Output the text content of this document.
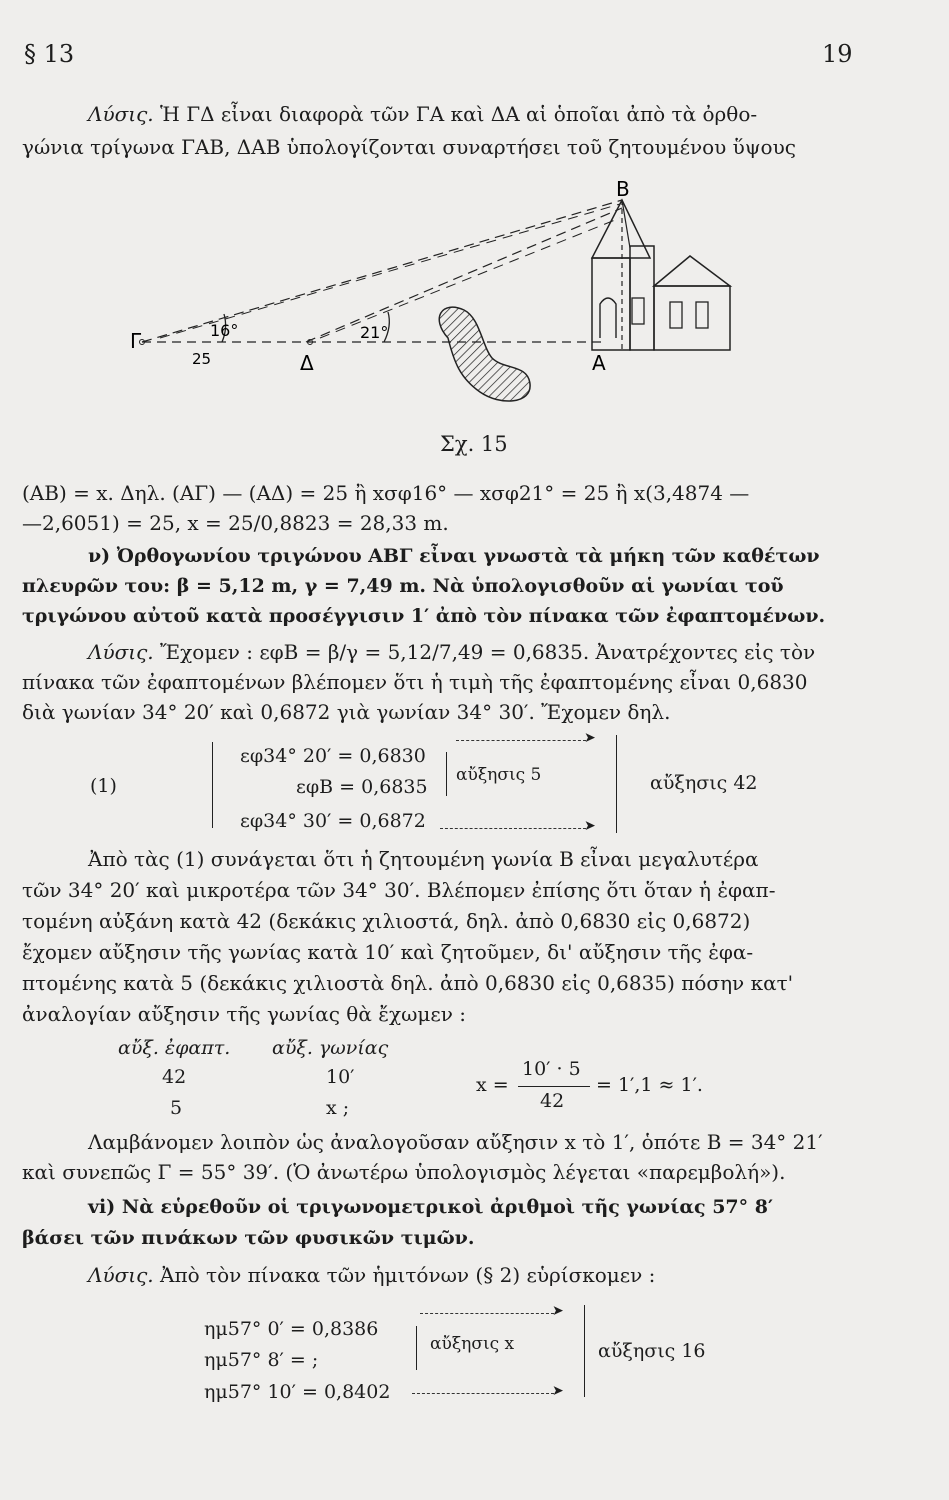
§ 13	19
Λύσις. Ἡ ΓΔ εἶναι διαφορὰ τῶν ΓΑ καὶ ΔΑ αἱ ὁποῖαι ἀπὸ τὰ ὀρθο-
γώνια τρίγωνα ΓΑΒ, ΔΑΒ ὑπολογίζονται συναρτήσει τοῦ ζητουμένου ὕψους
Γ
25
16°	21°
Δ	Α
Β
Σχ. 15
(ΑΒ) = x. Δηλ. (ΑΓ) — (ΑΔ) = 25 ἢ xσφ16° — xσφ21° = 25 ἢ x(3,4874 —
—2,6051) = 25, x = 25/0,8823 = 28,33 m.
ν) Ὀρθογωνίου τριγώνου ΑΒΓ εἶναι γνωστὰ τὰ μήκη τῶν καθέτων
πλευρῶν του: β = 5,12 m, γ = 7,49 m. Νὰ ὑπολογισθοῦν αἱ γωνίαι τοῦ
τριγώνου αὐτοῦ κατὰ προσέγγισιν 1′ ἀπὸ τὸν πίνακα τῶν ἐφαπτομένων.
Λύσις. Ἔχομεν : εφΒ = β/γ = 5,12/7,49 = 0,6835. Ἀνατρέχοντες εἰς τὸν
πίνακα τῶν ἐφαπτομένων βλέπομεν ὅτι ἡ τιμὴ τῆς ἐφαπτομένης εἶναι 0,6830
διὰ γωνίαν 34° 20′ καὶ 0,6872 γιὰ γωνίαν 34° 30′. Ἔχομεν δηλ.
(1)
εφ34° 20′ = 0,6830
εφΒ = 0,6835
εφ34° 30′ = 0,6872
αὔξησις 5
➤
➤
αὔξησις 42
Ἀπὸ τὰς (1) συνάγεται ὅτι ἡ ζητουμένη γωνία Β εἶναι μεγαλυτέρα
τῶν 34° 20′ καὶ μικροτέρα τῶν 34° 30′. Βλέπομεν ἐπίσης ὅτι ὅταν ἡ ἐφαπ-
τομένη αὐξάνη κατὰ 42 (δεκάκις χιλιοστά, δηλ. ἀπὸ 0,6830 εἰς 0,6872)
ἔχομεν αὔξησιν τῆς γωνίας κατὰ 10′ καὶ ζητοῦμεν, δι' αὔξησιν τῆς ἐφα-
πτομένης κατὰ 5 (δεκάκις χιλιοστὰ δηλ. ἀπὸ 0,6830 εἰς 0,6835) πόσην κατ'
ἀναλογίαν αὔξησιν τῆς γωνίας θὰ ἔχωμεν :
αὔξ. ἐφαπτ. αὔξ. γωνίας
42	10′
5	x ;
x =
10′ · 5
42
= 1′,1 ≈ 1′.
Λαμβάνομεν λοιπὸν ὡς ἀναλογοῦσαν αὔξησιν x τὸ 1′, ὁπότε Β = 34° 21′
καὶ συνεπῶς Γ = 55° 39′. (Ὁ ἀνωτέρω ὑπολογισμὸς λέγεται «παρεμβολή»).
vi) Νὰ εὑρεθοῦν οἱ τριγωνομετρικοὶ ἀριθμοὶ τῆς γωνίας 57° 8′
βάσει τῶν πινάκων τῶν φυσικῶν τιμῶν.
Λύσις. Ἀπὸ τὸν πίνακα τῶν ἡμιτόνων (§ 2) εὑρίσκομεν :
ημ57° 0′ = 0,8386
ημ57° 8′ = ;
ημ57° 10′ = 0,8402
αὔξησις x
➤
➤
αὔξησις 16
